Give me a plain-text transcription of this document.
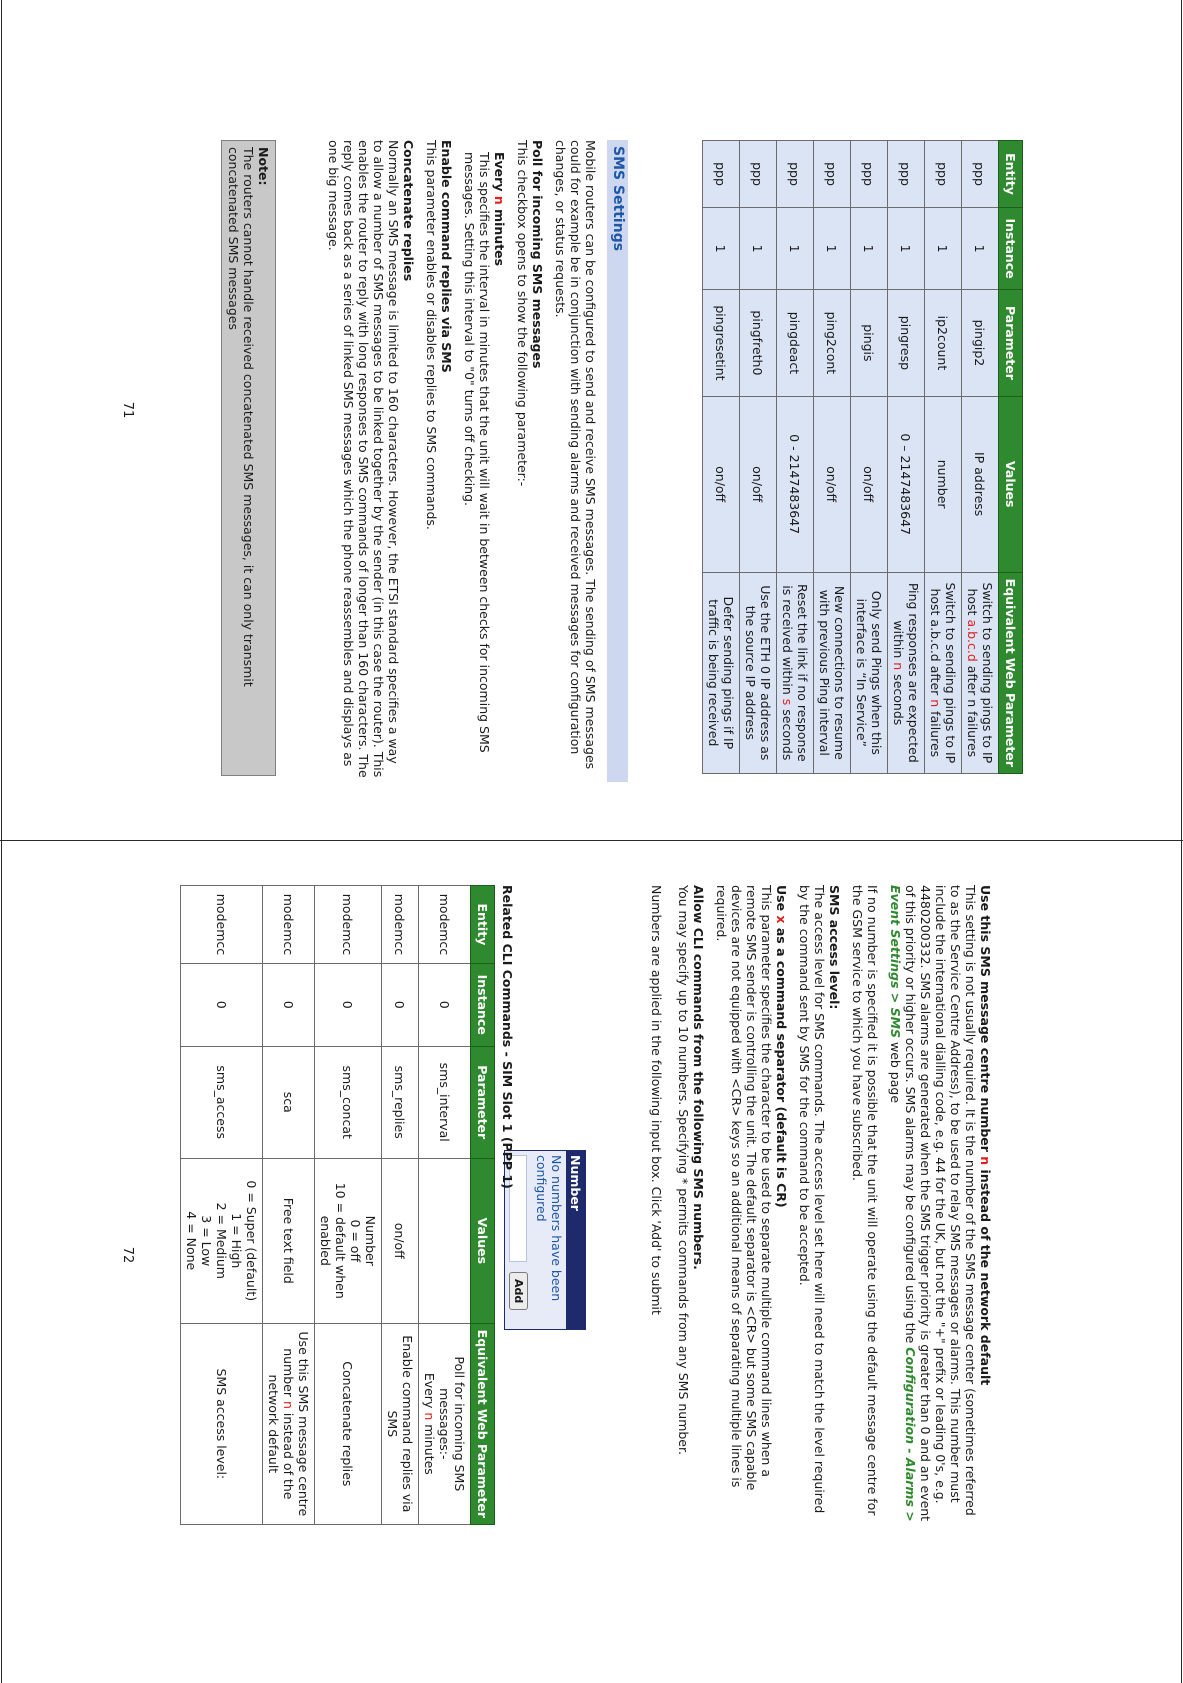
Entity	Instance	Parameter	Values	Equivalent Web Parameter
ppp	1	pingip2	IP address	Switch to sending pings to IP host a.b.c.d after n failures
ppp	1	ip2count	number	Switch to sending pings to IP host a.b.c.d after n failures
ppp	1	pingresp	0 – 2147483647	Ping responses are expected within n seconds
ppp	1	pingis	on/off	Only send Pings when this interface is “In Service”
ppp	1	ping2cont	on/off	New connections to resume with previous Ping interval
ppp	1	pingdeact	0 - 2147483647	Reset the link if no response is received within s seconds
ppp	1	pingfreth0	on/off	Use the ETH 0 IP address as the source IP address
ppp	1	pingresetint	on/off	Defer sending pings if IP traffic is being received
SMS Settings

Mobile routers can be configured to send and receive SMS messages. The sending of SMS messages could for example be in conjunction with sending alarms and received messages for configuration changes, or status requests.

Poll for incoming SMS messages

This checkbox opens to show the following parameter:-

Every n minutes

This specifies the interval in minutes that the unit will wait in between checks for incoming SMS messages. Setting this interval to "0" turns off checking.

Enable command replies via SMS

This parameter enables or disables replies to SMS commands.

Concatenate replies

Normally an SMS message is limited to 160 characters. However, the ETSI standard specifies a way to allow a number of SMS messages to be linked together by the sender (in this case the router). This enables the router to reply with long responses to SMS commands of longer than 160 characters. The reply comes back as a series of linked SMS messages which the phone reassembles and displays as one big message.

Note:
The routers cannot handle received concatenated SMS messages, it can only transmit concatenated SMS messages
71
Use this SMS message centre number n instead of the network default

This setting is not usually required. It is the number of the SMS message center (sometimes referred to as the Service Centre Address), to be used to relay SMS messages or alarms. This number must include the international dialling code, e.g. 44 for the UK, but not the "+" prefix or leading 0's, e.g. 4480200332. SMS alarms are generated when the SMS trigger priority is greater than 0 and an event of this priority or higher occurs. SMS alarms may be configured using the Configuration - Alarms > Event Settings > SMS web page

If no number is specified it is possible that the unit will operate using the default message centre for the GSM service to which you have subscribed.

SMS access level:

The access level for SMS commands. The access level set here will need to match the level required by the command sent by SMS for the command to be accepted.

Use x as a command separator (default is CR)

This parameter specifies the character to be used to separate multiple command lines when a remote SMS sender is controlling the unit. The default separator is <CR> but some SMS capable devices are not equipped with <CR> keys so an additional means of separating multiple lines is required.

Allow CLI commands from the following SMS numbers.

You may specify up to 10 numbers. Specifying * permits commands from any SMS number.

Numbers are applied in the following input box. Click 'Add' to submit

Number
No numbers have been configured
Add
Related CLI Commands - SIM Slot 1 (PPP 1)
Entity	Instance	Parameter	Values	Equivalent Web Parameter
modemcc	0	sms_interval		Poll for incoming SMS messages:-
Every n minutes
modemcc	0	sms_replies	on/off	Enable command replies via SMS
modemcc	0	sms_concat	Number
0 = off
10 = default when enabled	Concatenate replies
modemcc	0	sca	Free text field	Use this SMS message centre number n instead of the network default
modemcc	0	sms_access	0 = Super (default)
1 = High
2 = Medium
3 = Low
4 = None	SMS access level:
72
